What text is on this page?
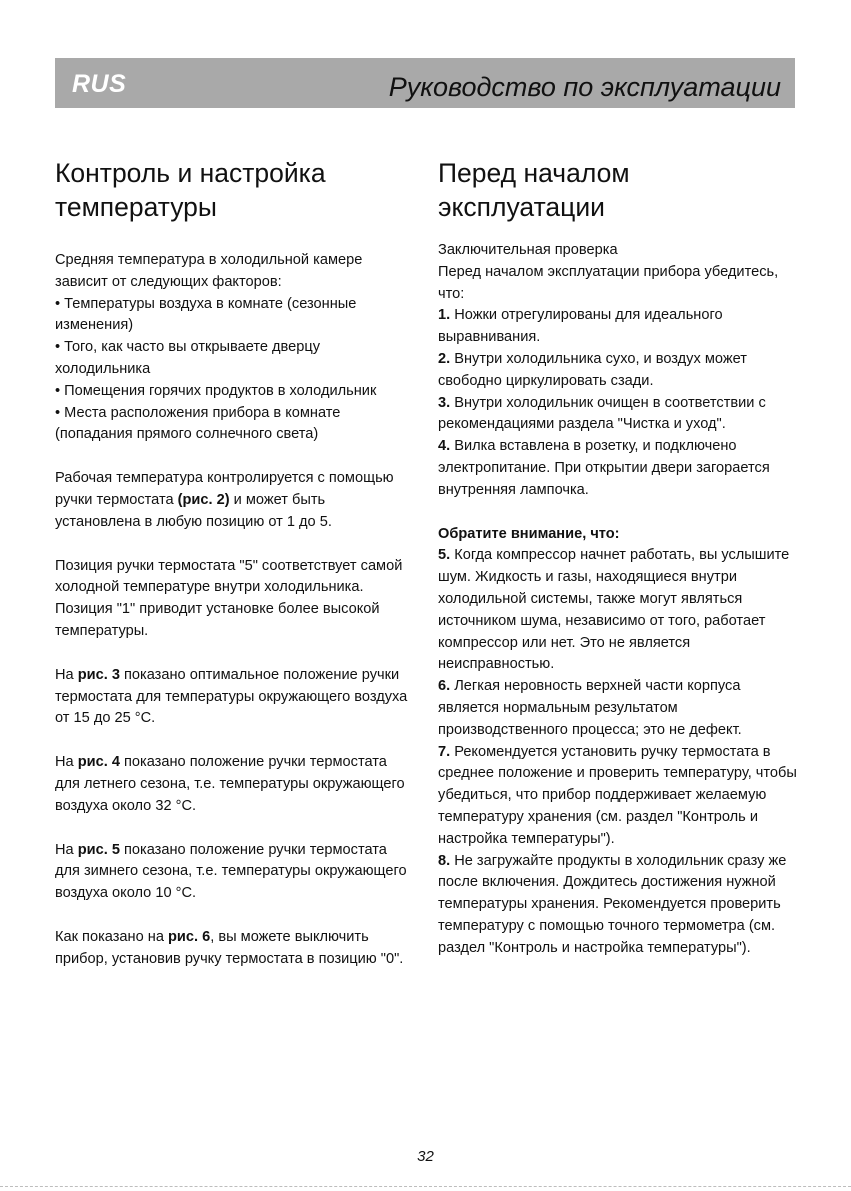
RUS	Руководство по эксплуатации
Контроль и настройка температуры

Средняя температура в холодильной камере зависит от следующих факторов:

• Температуры воздуха в комнате (сезонные изменения)

• Того, как часто вы открываете дверцу холодильника

• Помещения горячих продуктов в холодильник

• Места расположения прибора в комнате (попадания прямого солнечного света)

Рабочая температура контролируется с помощью ручки термостата (рис. 2) и может быть установлена в любую позицию от 1 до 5.

Позиция ручки термостата "5" соответствует самой холодной температуре внутри холодильника. Позиция "1" приводит установке более высокой температуры.

На рис. 3 показано оптимальное положение ручки термостата для температуры окружающего воздуха от 15 до 25 °C.

На рис. 4 показано положение ручки термостата для летнего сезона, т.е. температуры окружающего воздуха около 32 °C.

На рис. 5 показано положение ручки термостата для зимнего сезона, т.е. температуры окружающего воздуха около 10 °C.

Как показано на рис. 6, вы можете выключить прибор, установив ручку термостата в позицию "0".

Перед началом эксплуатации

Заключительная проверка

Перед началом эксплуатации прибора убедитесь, что:

1. Ножки отрегулированы для идеального выравнивания.

2. Внутри холодильника сухо, и воздух может свободно циркулировать сзади.

3. Внутри холодильник очищен в соответствии с рекомендациями раздела "Чистка и уход".

4. Вилка вставлена в розетку, и подключено электропитание. При открытии двери загорается внутренняя лампочка.

Обратите внимание, что:

5. Когда компрессор начнет работать, вы услышите шум. Жидкость и газы, находящиеся внутри холодильной системы, также могут являться источником шума, независимо от того, работает компрессор или нет. Это не является неисправностью.

6. Легкая неровность верхней части корпуса является нормальным результатом производственного процесса; это не дефект.

7. Рекомендуется установить ручку термостата в среднее положение и проверить температуру, чтобы убедиться, что прибор поддерживает желаемую температуру хранения (см. раздел "Контроль и настройка температуры").

8. Не загружайте продукты в холодильник сразу же после включения. Дождитесь достижения нужной температуры хранения. Рекомендуется проверить температуру с помощью точного термометра (см. раздел "Контроль и настройка температуры").

32
